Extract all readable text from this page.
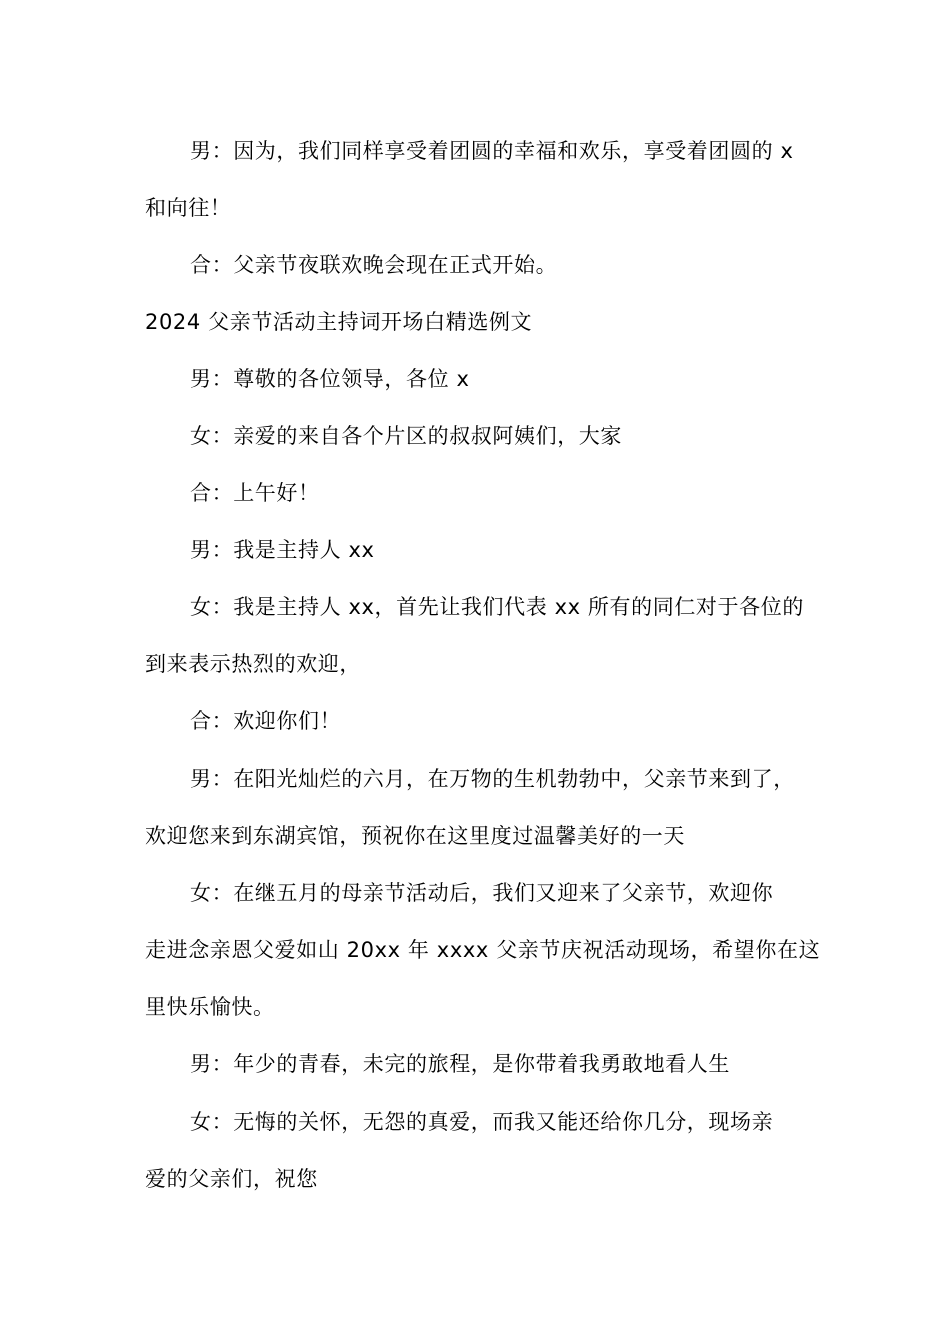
男：因为，我们同样享受着团圆的幸福和欢乐，享受着团圆的 x
和向往！
合：父亲节夜联欢晚会现在正式开始。
2024 父亲节活动主持词开场白精选例文
男：尊敬的各位领导，各位 x
女：亲爱的来自各个片区的叔叔阿姨们，大家
合：上午好！
男：我是主持人 xx
女：我是主持人 xx，首先让我们代表 xx 所有的同仁对于各位的
到来表示热烈的欢迎，
合：欢迎你们！
男：在阳光灿烂的六月，在万物的生机勃勃中，父亲节来到了，
欢迎您来到东湖宾馆，预祝你在这里度过温馨美好的一天
女：在继五月的母亲节活动后，我们又迎来了父亲节，欢迎你
走进念亲恩父爱如山 20xx 年 xxxx 父亲节庆祝活动现场，希望你在这
里快乐愉快。
男：年少的青春，未完的旅程，是你带着我勇敢地看人生
女：无悔的关怀，无怨的真爱，而我又能还给你几分，现场亲
爱的父亲们，祝您
